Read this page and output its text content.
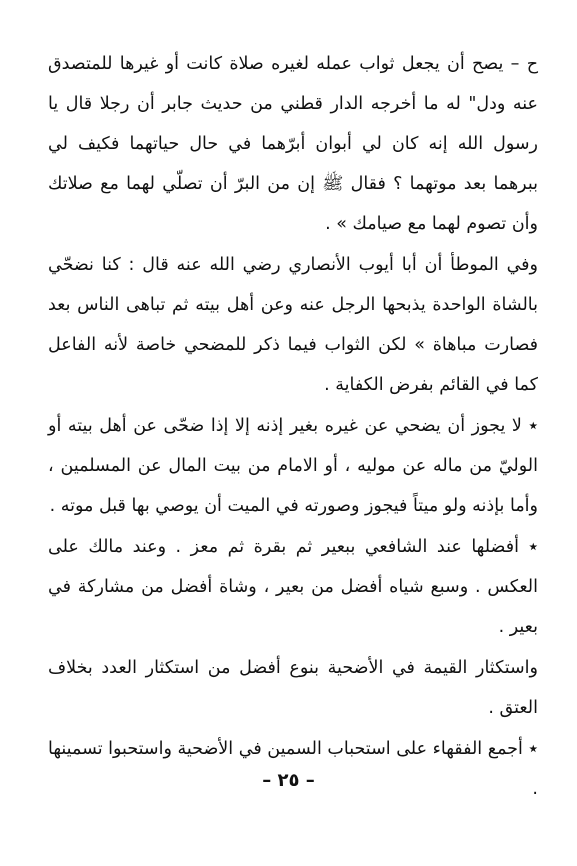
ح – يصح أن يجعل ثواب عمله لغيره صلاة كانت أو غيرها للمتصدق عنه ودل" له ما أخرجه الدار قطني من حديث جابر أن رجلا قال يا رسول الله إنه كان لي أبوان أبرّهما في حال حياتهما فكيف لي ببرهما بعد موتهما ؟ فقال ﷺ إن من البرّ أن تصلّي لهما مع صلاتك وأن تصوم لهما مع صيامك » .

وفي الموطأ أن أبا أيوب الأنصاري رضي الله عنه قال : كنا نضحّي بالشاة الواحدة يذبحها الرجل عنه وعن أهل بيته ثم تباهى الناس بعد فصارت مباهاة » لكن الثواب فيما ذكر للمضحي خاصة لأنه الفاعل كما في القائم بفرض الكفاية .

٭ لا يجوز أن يضحي عن غيره بغير إذنه إلا إذا ضحّى عن أهل بيته أو الوليّ من ماله عن موليه ، أو الامام من بيت المال عن المسلمين ، وأما بإذنه ولو ميتاً فيجوز وصورته في الميت أن يوصي بها قبل موته .

٭ أفضلها عند الشافعي ببعير ثم بقرة ثم معز . وعند مالك على العكس . وسبع شياه أفضل من بعير ، وشاة أفضل من مشاركة في بعير .

واستكثار القيمة في الأضحية بنوع أفضل من استكثار العدد بخلاف العتق .

٭ أجمع الفقهاء على استحباب السمين في الأضحية واستحبوا تسمينها .

– ٢٥ –
